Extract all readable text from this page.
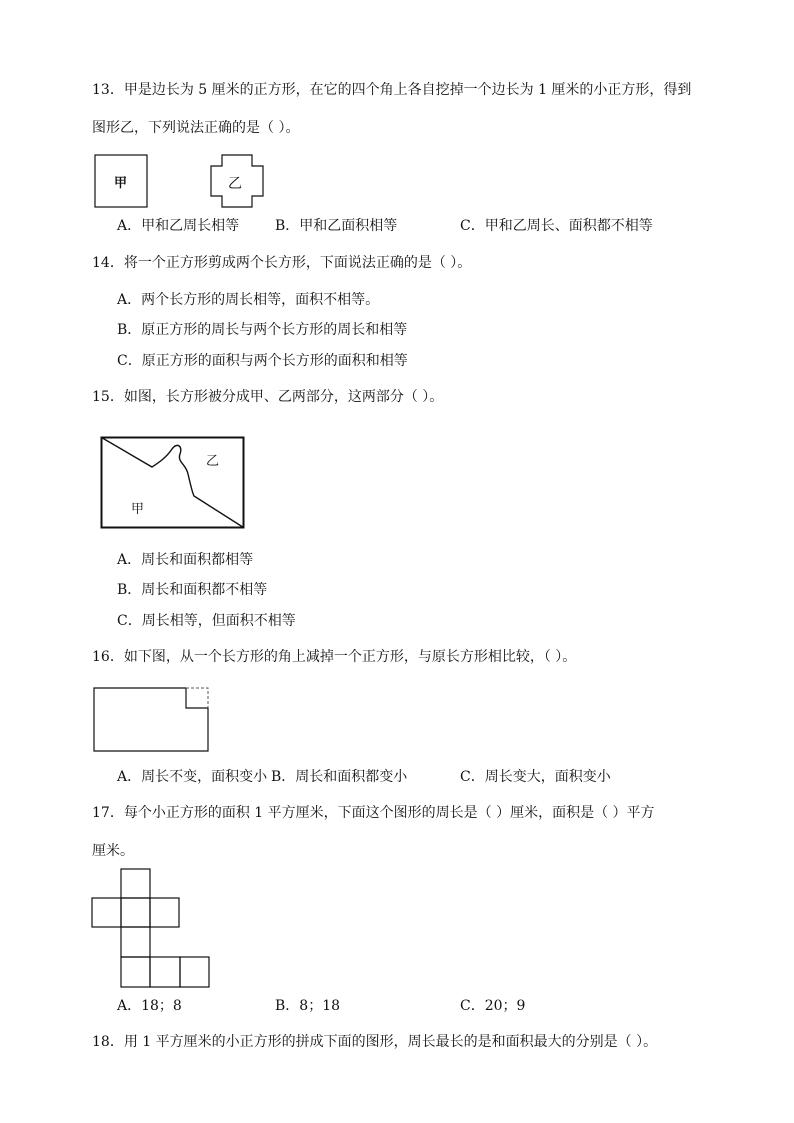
13．甲是边长为 5 厘米的正方形，在它的四个角上各自挖掉一个边长为 1 厘米的小正方形，得到
图形乙，下列说法正确的是（ ）。
甲	乙
A．甲和乙周长相等	B．甲和乙面积相等	C．甲和乙周长、面积都不相等
14．将一个正方形剪成两个长方形，下面说法正确的是（ ）。
A．两个长方形的周长相等，面积不相等。
B．原正方形的周长与两个长方形的周长和相等
C．原正方形的面积与两个长方形的面积和相等
15．如图，长方形被分成甲、乙两部分，这两部分（ ）。
乙
甲
A．周长和面积都相等
B．周长和面积都不相等
C．周长相等，但面积不相等
16．如下图，从一个长方形的角上减掉一个正方形，与原长方形相比较，（ ）。
A．周长不变，面积变小 B．周长和面积都变小	C．周长变大，面积变小
17．每个小正方形的面积 1 平方厘米，下面这个图形的周长是（ ）厘米，面积是（ ）平方
厘米。
A．18；8	B．8；18	C．20；9
18．用 1 平方厘米的小正方形的拼成下面的图形，周长最长的是和面积最大的分别是（ ）。
